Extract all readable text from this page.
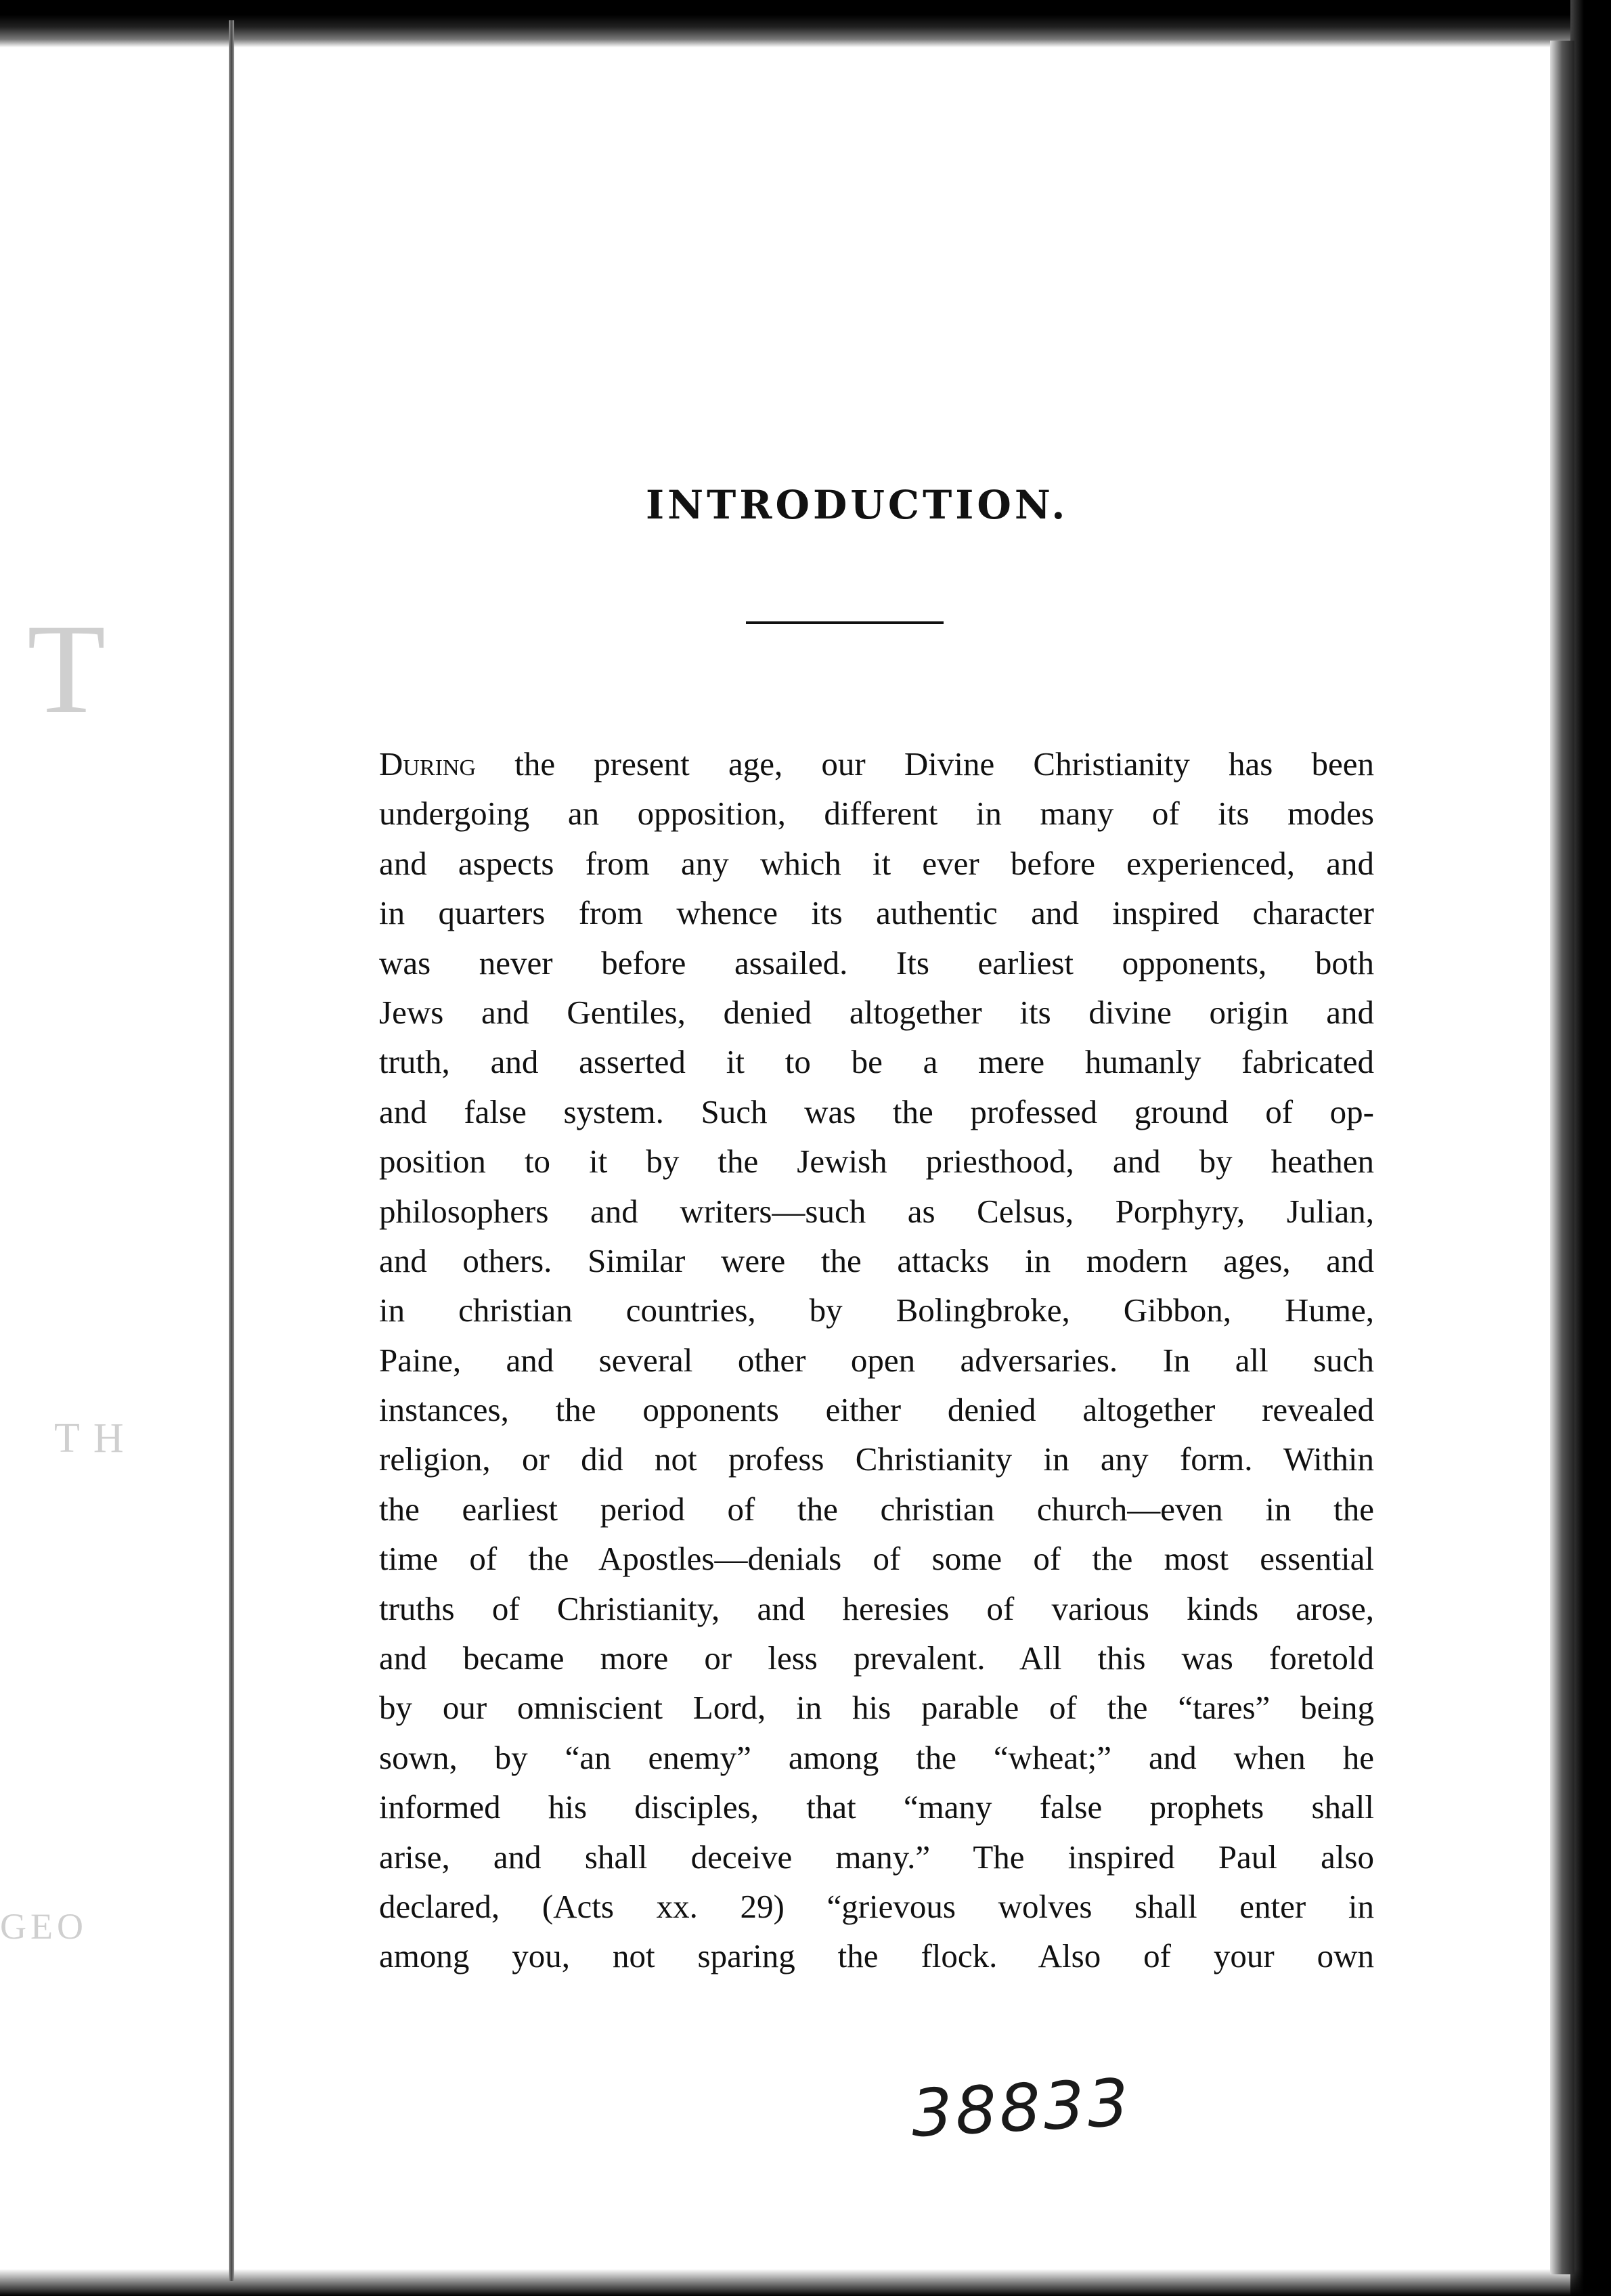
T
TH
GEO
INTRODUCTION.
During the present age, our Divine Christianity has been
undergoing an opposition, different in many of its modes
and aspects from any which it ever before experienced, and
in quarters from whence its authentic and inspired character
was never before assailed. Its earliest opponents, both
Jews and Gentiles, denied altogether its divine origin and
truth, and asserted it to be a mere humanly fabricated
and false system. Such was the professed ground of op-
position to it by the Jewish priesthood, and by heathen
philosophers and writers—such as Celsus, Porphyry, Julian,
and others. Similar were the attacks in modern ages, and
in christian countries, by Bolingbroke, Gibbon, Hume,
Paine, and several other open adversaries. In all such
instances, the opponents either denied altogether revealed
religion, or did not profess Christianity in any form. Within
the earliest period of the christian church—even in the
time of the Apostles—denials of some of the most essential
truths of Christianity, and heresies of various kinds arose,
and became more or less prevalent. All this was foretold
by our omniscient Lord, in his parable of the “tares” being
sown, by “an enemy” among the “wheat;” and when he
informed his disciples, that “many false prophets shall
arise, and shall deceive many.” The inspired Paul also
declared, (Acts xx. 29) “grievous wolves shall enter in
among you, not sparing the flock. Also of your own
38833
